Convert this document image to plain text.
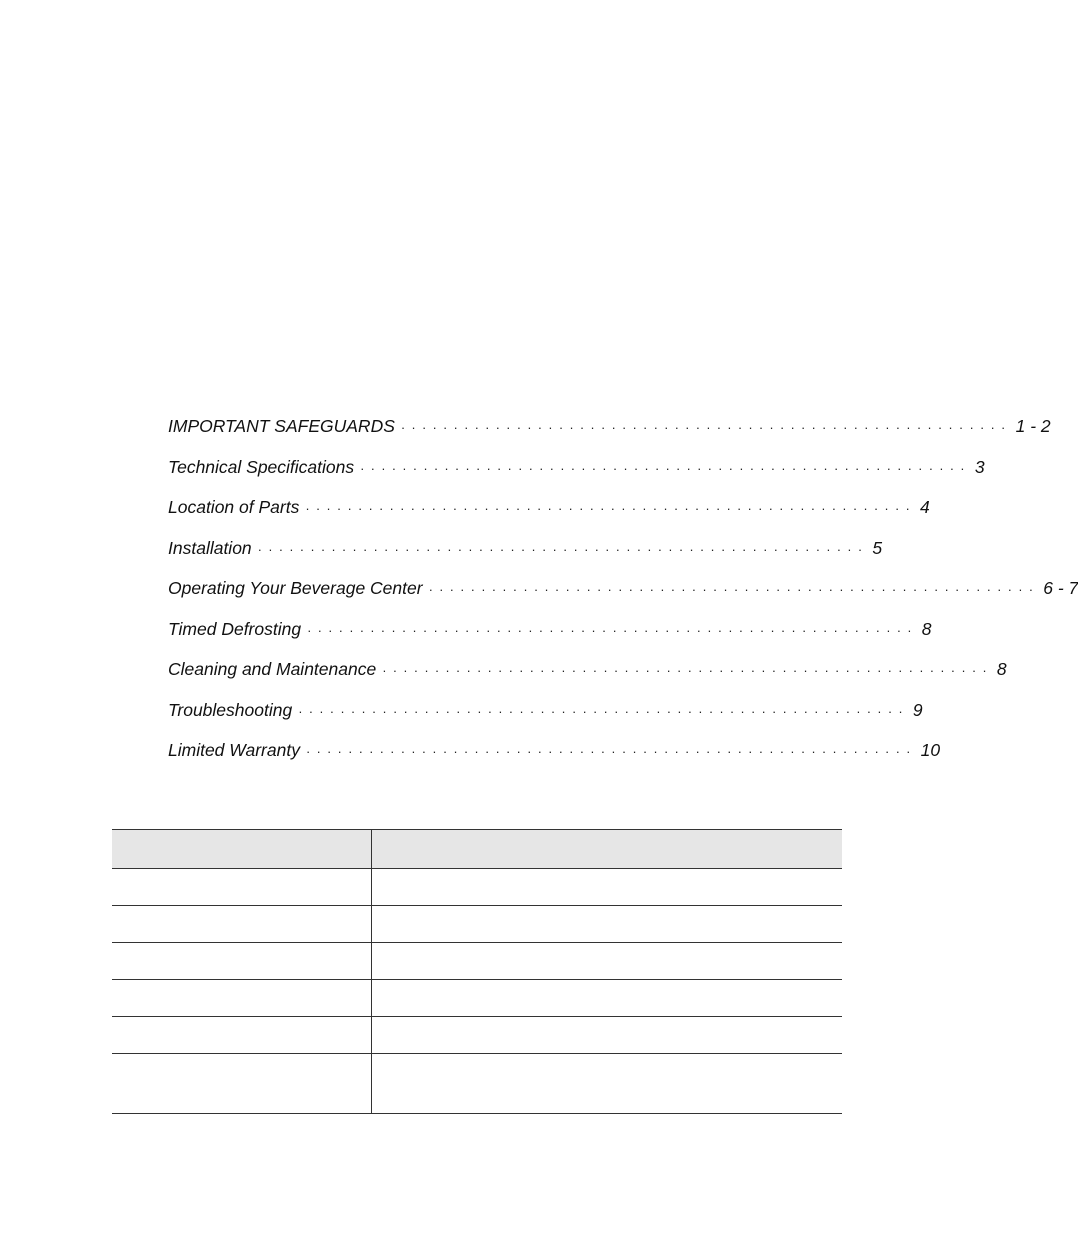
IMPORTANT SAFEGUARDS ·························································· 1 - 2
Technical Specifications ·························································· 3
Location of Parts ·························································· 4
Installation ·························································· 5
Operating Your Beverage Center ·························································· 6 - 7
Timed Defrosting ·························································· 8
Cleaning and Maintenance ·························································· 8
Troubleshooting ·························································· 9
Limited Warranty ·························································· 10
